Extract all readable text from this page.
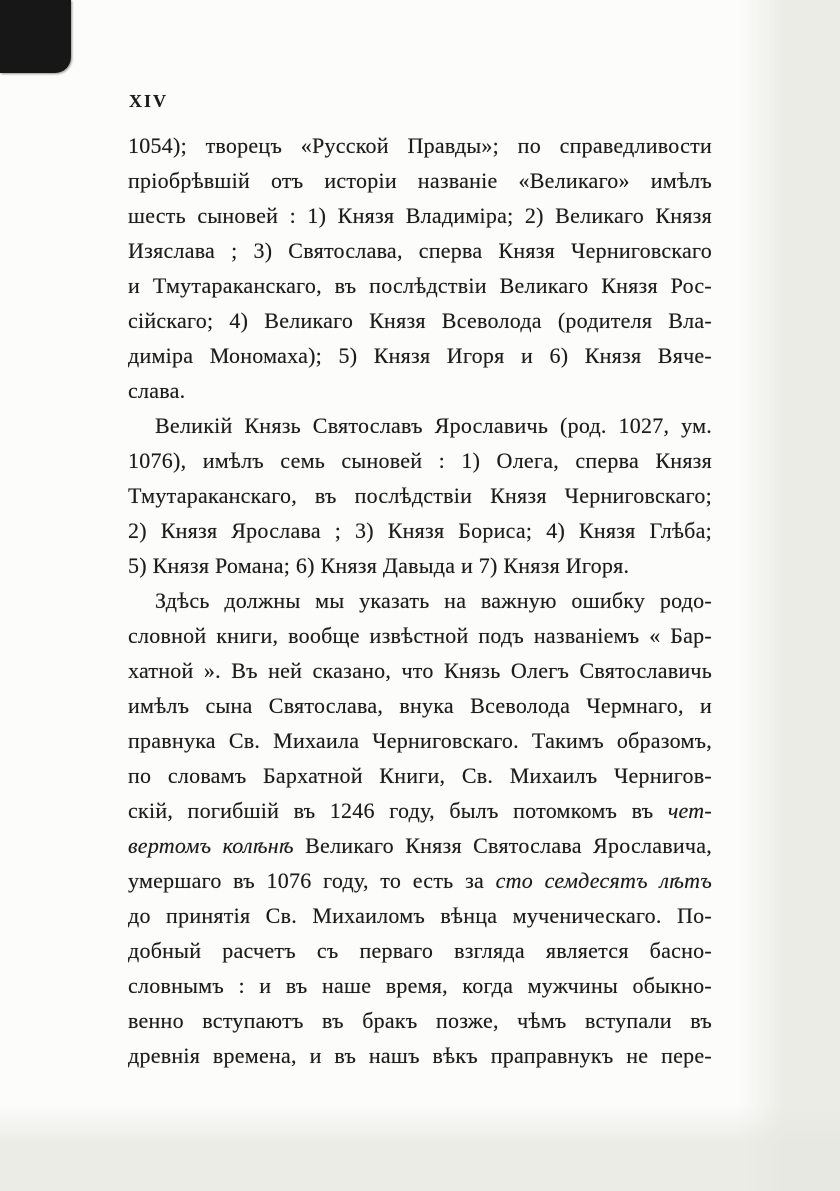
XIV
1054); творецъ «Русской Правды»; по справедливости
пріобрѣвшій отъ исторіи названіе «Великаго» имѣлъ
шесть сыновей : 1) Князя Владиміра; 2) Великаго Князя
Изяслава ; 3) Святослава, сперва Князя Черниговскаго
и Тмутараканскаго, въ послѣдствіи Великаго Князя Рос-
сійскаго; 4) Великаго Князя Всеволода (родителя Вла-
диміра Мономаха); 5) Князя Игоря и 6) Князя Вяче-
слава.
Великій Князь Святославъ Ярославичь (род. 1027, ум.
1076), имѣлъ семь сыновей : 1) Олега, сперва Князя
Тмутараканскаго, въ послѣдствіи Князя Черниговскаго;
2) Князя Ярослава ; 3) Князя Бориса; 4) Князя Глѣба;
5) Князя Романа; 6) Князя Давыда и 7) Князя Игоря.
Здѣсь должны мы указать на важную ошибку родо-
словной книги, вообще извѣстной подъ названіемъ « Бар-
хатной ». Въ ней сказано, что Князь Олегъ Святославичь
имѣлъ сына Святослава, внука Всеволода Чермнаго, и
правнука Св. Михаила Черниговскаго. Такимъ образомъ,
по словамъ Бархатной Книги, Св. Михаилъ Чернигов-
скій, погибшій въ 1246 году, былъ потомкомъ въ чет-
вертомъ колѣнѣ Великаго Князя Святослава Ярославича,
умершаго въ 1076 году, то есть за сто семдесятъ лѣтъ
до принятія Св. Михаиломъ вѣнца мученическаго. По-
добный расчетъ съ перваго взгляда является басно-
словнымъ : и въ наше время, когда мужчины обыкно-
венно вступаютъ въ бракъ позже, чѣмъ вступали въ
древнія времена, и въ нашъ вѣкъ праправнукъ не пере-
